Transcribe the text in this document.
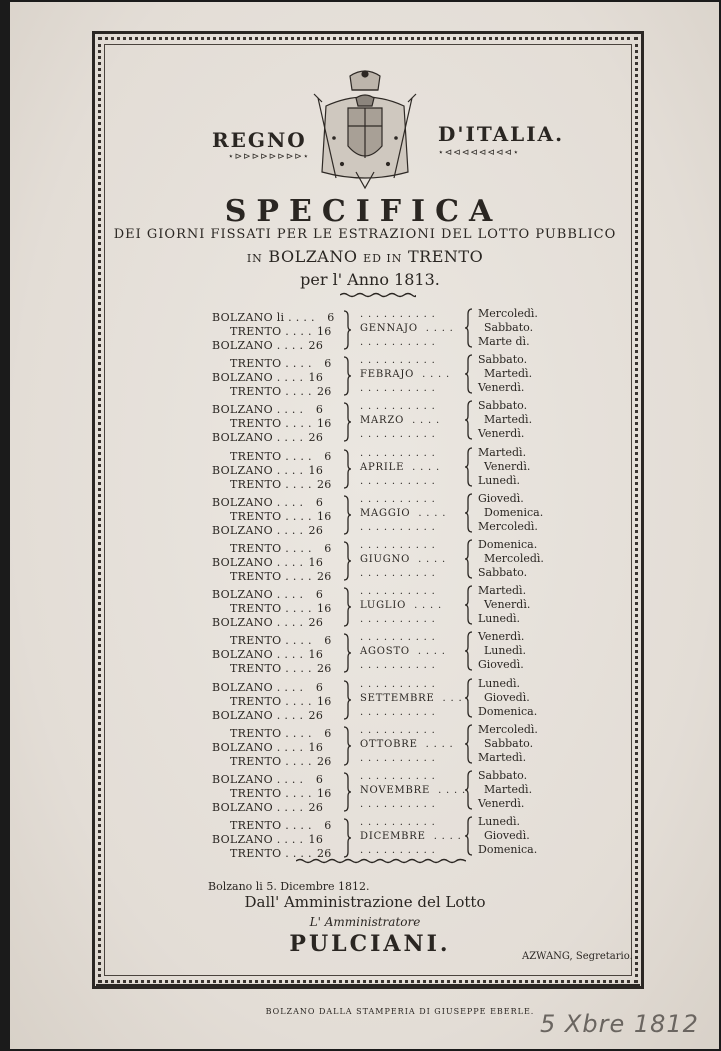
REGNO
⋆⊳⊳⊳⊳⊳⊳⊳⊳⋆
D'ITALIA.
⋆⊲⊲⊲⊲⊲⊲⊲⊲⋆
SPECIFICA
DEI GIORNI FISSATI PER LE ESTRAZIONI DEL LOTTO PUBBLICO
IN BOLZANO ED IN TRENTO
per l' Anno 1813.
BOLZANO li . . . . 6	Mercoledì.
TRENTO . . . . 16	Sabbato.
BOLZANO . . . . 26	Marte dì.
GENNAJO  . . . .
. . . . . . . . . .
. . . . . . . . . .
TRENTO . . . . 6	Sabbato.
BOLZANO . . . . 16	Martedì.
TRENTO . . . . 26	Venerdì.
FEBRAJO  . . . .
. . . . . . . . . .
. . . . . . . . . .
BOLZANO . . . . 6	Sabbato.
TRENTO . . . . 16	Martedì.
BOLZANO . . . . 26	Venerdì.
MARZO  . . . .
. . . . . . . . . .
. . . . . . . . . .
TRENTO . . . . 6	Martedì.
BOLZANO . . . . 16	Venerdì.
TRENTO . . . . 26	Lunedì.
APRILE  . . . .
. . . . . . . . . .
. . . . . . . . . .
BOLZANO . . . . 6	Giovedì.
TRENTO . . . . 16	Domenica.
BOLZANO . . . . 26	Mercoledì.
MAGGIO  . . . .
. . . . . . . . . .
. . . . . . . . . .
TRENTO . . . . 6	Domenica.
BOLZANO . . . . 16	Mercoledì.
TRENTO . . . . 26	Sabbato.
GIUGNO  . . . .
. . . . . . . . . .
. . . . . . . . . .
BOLZANO . . . . 6	Martedì.
TRENTO . . . . 16	Venerdì.
BOLZANO . . . . 26	Lunedì.
LUGLIO  . . . .
. . . . . . . . . .
. . . . . . . . . .
TRENTO . . . . 6	Venerdì.
BOLZANO . . . . 16	Lunedì.
TRENTO . . . . 26	Giovedì.
AGOSTO  . . . .
. . . . . . . . . .
. . . . . . . . . .
BOLZANO . . . . 6	Lunedì.
TRENTO . . . . 16	Giovedì.
BOLZANO . . . . 26	Domenica.
SETTEMBRE  . . . .
. . . . . . . . . .
. . . . . . . . . .
TRENTO . . . . 6	Mercoledì.
BOLZANO . . . . 16	Sabbato.
TRENTO . . . . 26	Martedì.
OTTOBRE  . . . .
. . . . . . . . . .
. . . . . . . . . .
BOLZANO . . . . 6	Sabbato.
TRENTO . . . . 16	Martedì.
BOLZANO . . . . 26	Venerdì.
NOVEMBRE  . . . .
. . . . . . . . . .
. . . . . . . . . .
TRENTO . . . . 6	Lunedì.
BOLZANO . . . . 16	Giovedì.
TRENTO . . . . 26	Domenica.
DICEMBRE  . . . .
. . . . . . . . . .
. . . . . . . . . .
Bolzano li 5. Dicembre 1812.
Dall' Amministrazione del Lotto
L' Amministratore
PULCIANI.	AZWANG, Segretario.
BOLZANO DALLA STAMPERIA DI GIUSEPPE EBERLE. 5 Xbre 1812
